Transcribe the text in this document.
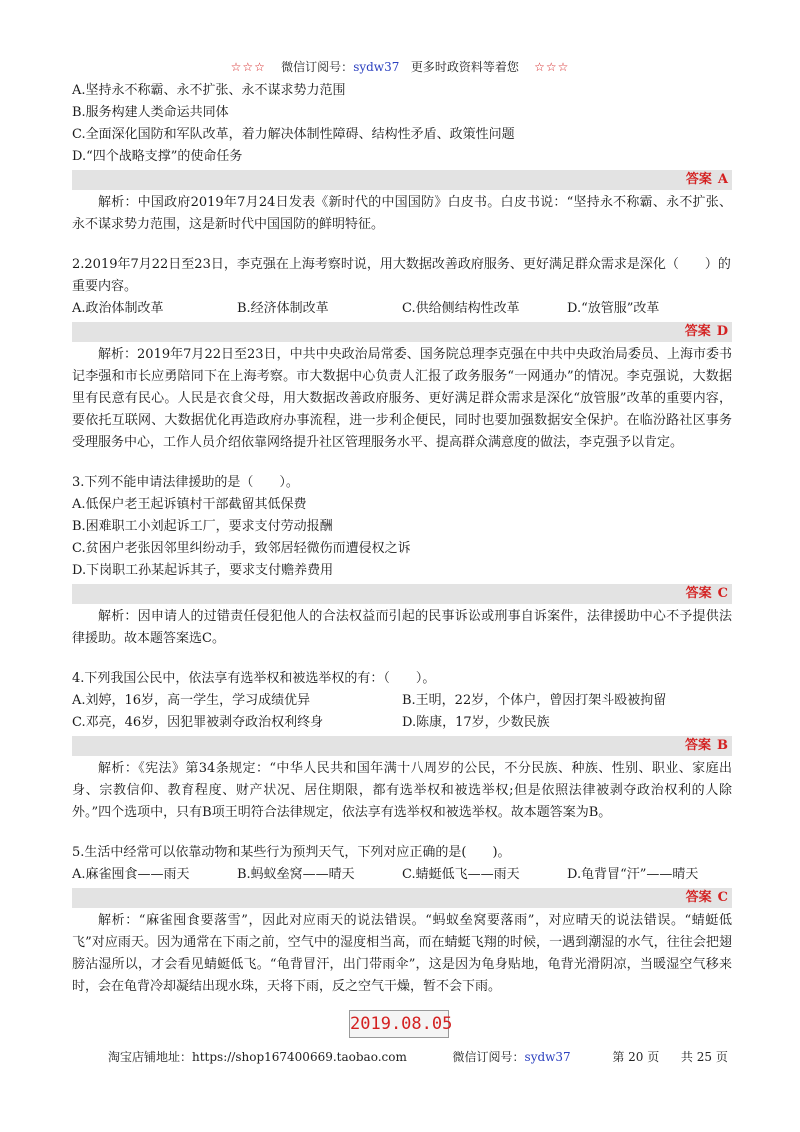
☆☆☆ 微信订阅号：sydw37 更多时政资料等着您 ☆☆☆

A.坚持永不称霸、永不扩张、永不谋求势力范围

B.服务构建人类命运共同体

C.全面深化国防和军队改革，着力解决体制性障碍、结构性矛盾、政策性问题

D.“四个战略支撑”的使命任务

答案 A

解析：中国政府2019年7月24日发表《新时代的中国国防》白皮书。白皮书说：“坚持永不称霸、永不扩张、永不谋求势力范围，这是新时代中国国防的鲜明特征。

2.2019年7月22日至23日，李克强在上海考察时说，用大数据改善政府服务、更好满足群众需求是深化（　　）的重要内容。

A.政治体制改革	B.经济体制改革	C.供给侧结构性改革	D.“放管服”改革
答案 D

解析：2019年7月22日至23日，中共中央政治局常委、国务院总理李克强在中共中央政治局委员、上海市委书记李强和市长应勇陪同下在上海考察。市大数据中心负责人汇报了政务服务“一网通办”的情况。李克强说，大数据里有民意有民心。人民是衣食父母，用大数据改善政府服务、更好满足群众需求是深化“放管服”改革的重要内容，要依托互联网、大数据优化再造政府办事流程，进一步利企便民，同时也要加强数据安全保护。在临汾路社区事务受理服务中心，工作人员介绍依靠网络提升社区管理服务水平、提高群众满意度的做法，李克强予以肯定。

3.下列不能申请法律援助的是（　　）。

A.低保户老王起诉镇村干部截留其低保费

B.困难职工小刘起诉工厂，要求支付劳动报酬

C.贫困户老张因邻里纠纷动手，致邻居轻微伤而遭侵权之诉

D.下岗职工孙某起诉其子，要求支付赡养费用

答案 C

解析：因申请人的过错责任侵犯他人的合法权益而引起的民事诉讼或刑事自诉案件，法律援助中心不予提供法律援助。故本题答案选C。

4.下列我国公民中，依法享有选举权和被选举权的有：（　　）。

A.刘婷，16岁，高一学生，学习成绩优异	B.王明，22岁，个体户，曾因打架斗殴被拘留
C.邓亮，46岁，因犯罪被剥夺政治权利终身	D.陈康，17岁，少数民族
答案 B

解析：《宪法》第34条规定：“中华人民共和国年满十八周岁的公民，不分民族、种族、性别、职业、家庭出身、宗教信仰、教育程度、财产状况、居住期限，都有选举权和被选举权;但是依照法律被剥夺政治权利的人除外。”四个选项中，只有B项王明符合法律规定，依法享有选举权和被选举权。故本题答案为B。

5.生活中经常可以依靠动物和某些行为预判天气，下列对应正确的是(　　)。

A.麻雀囤食——雨天	B.蚂蚁垒窝——晴天	C.蜻蜓低飞——雨天	D.龟背冒“汗”——晴天
答案 C

解析：“麻雀囤食要落雪”，因此对应雨天的说法错误。“蚂蚁垒窝要落雨”，对应晴天的说法错误。“蜻蜓低飞”对应雨天。因为通常在下雨之前，空气中的湿度相当高，而在蜻蜓飞翔的时候，一遇到潮湿的水气，往往会把翅膀沾湿所以，才会看见蜻蜓低飞。“龟背冒汗，出门带雨伞”，这是因为龟身贴地，龟背光滑阴凉，当暖湿空气移来时，会在龟背冷却凝结出现水珠，天将下雨，反之空气干燥，暂不会下雨。

2019.08.05
淘宝店铺地址：https://shop167400669.taobao.com	微信订阅号：sydw37	第 20 页 共 25 页
